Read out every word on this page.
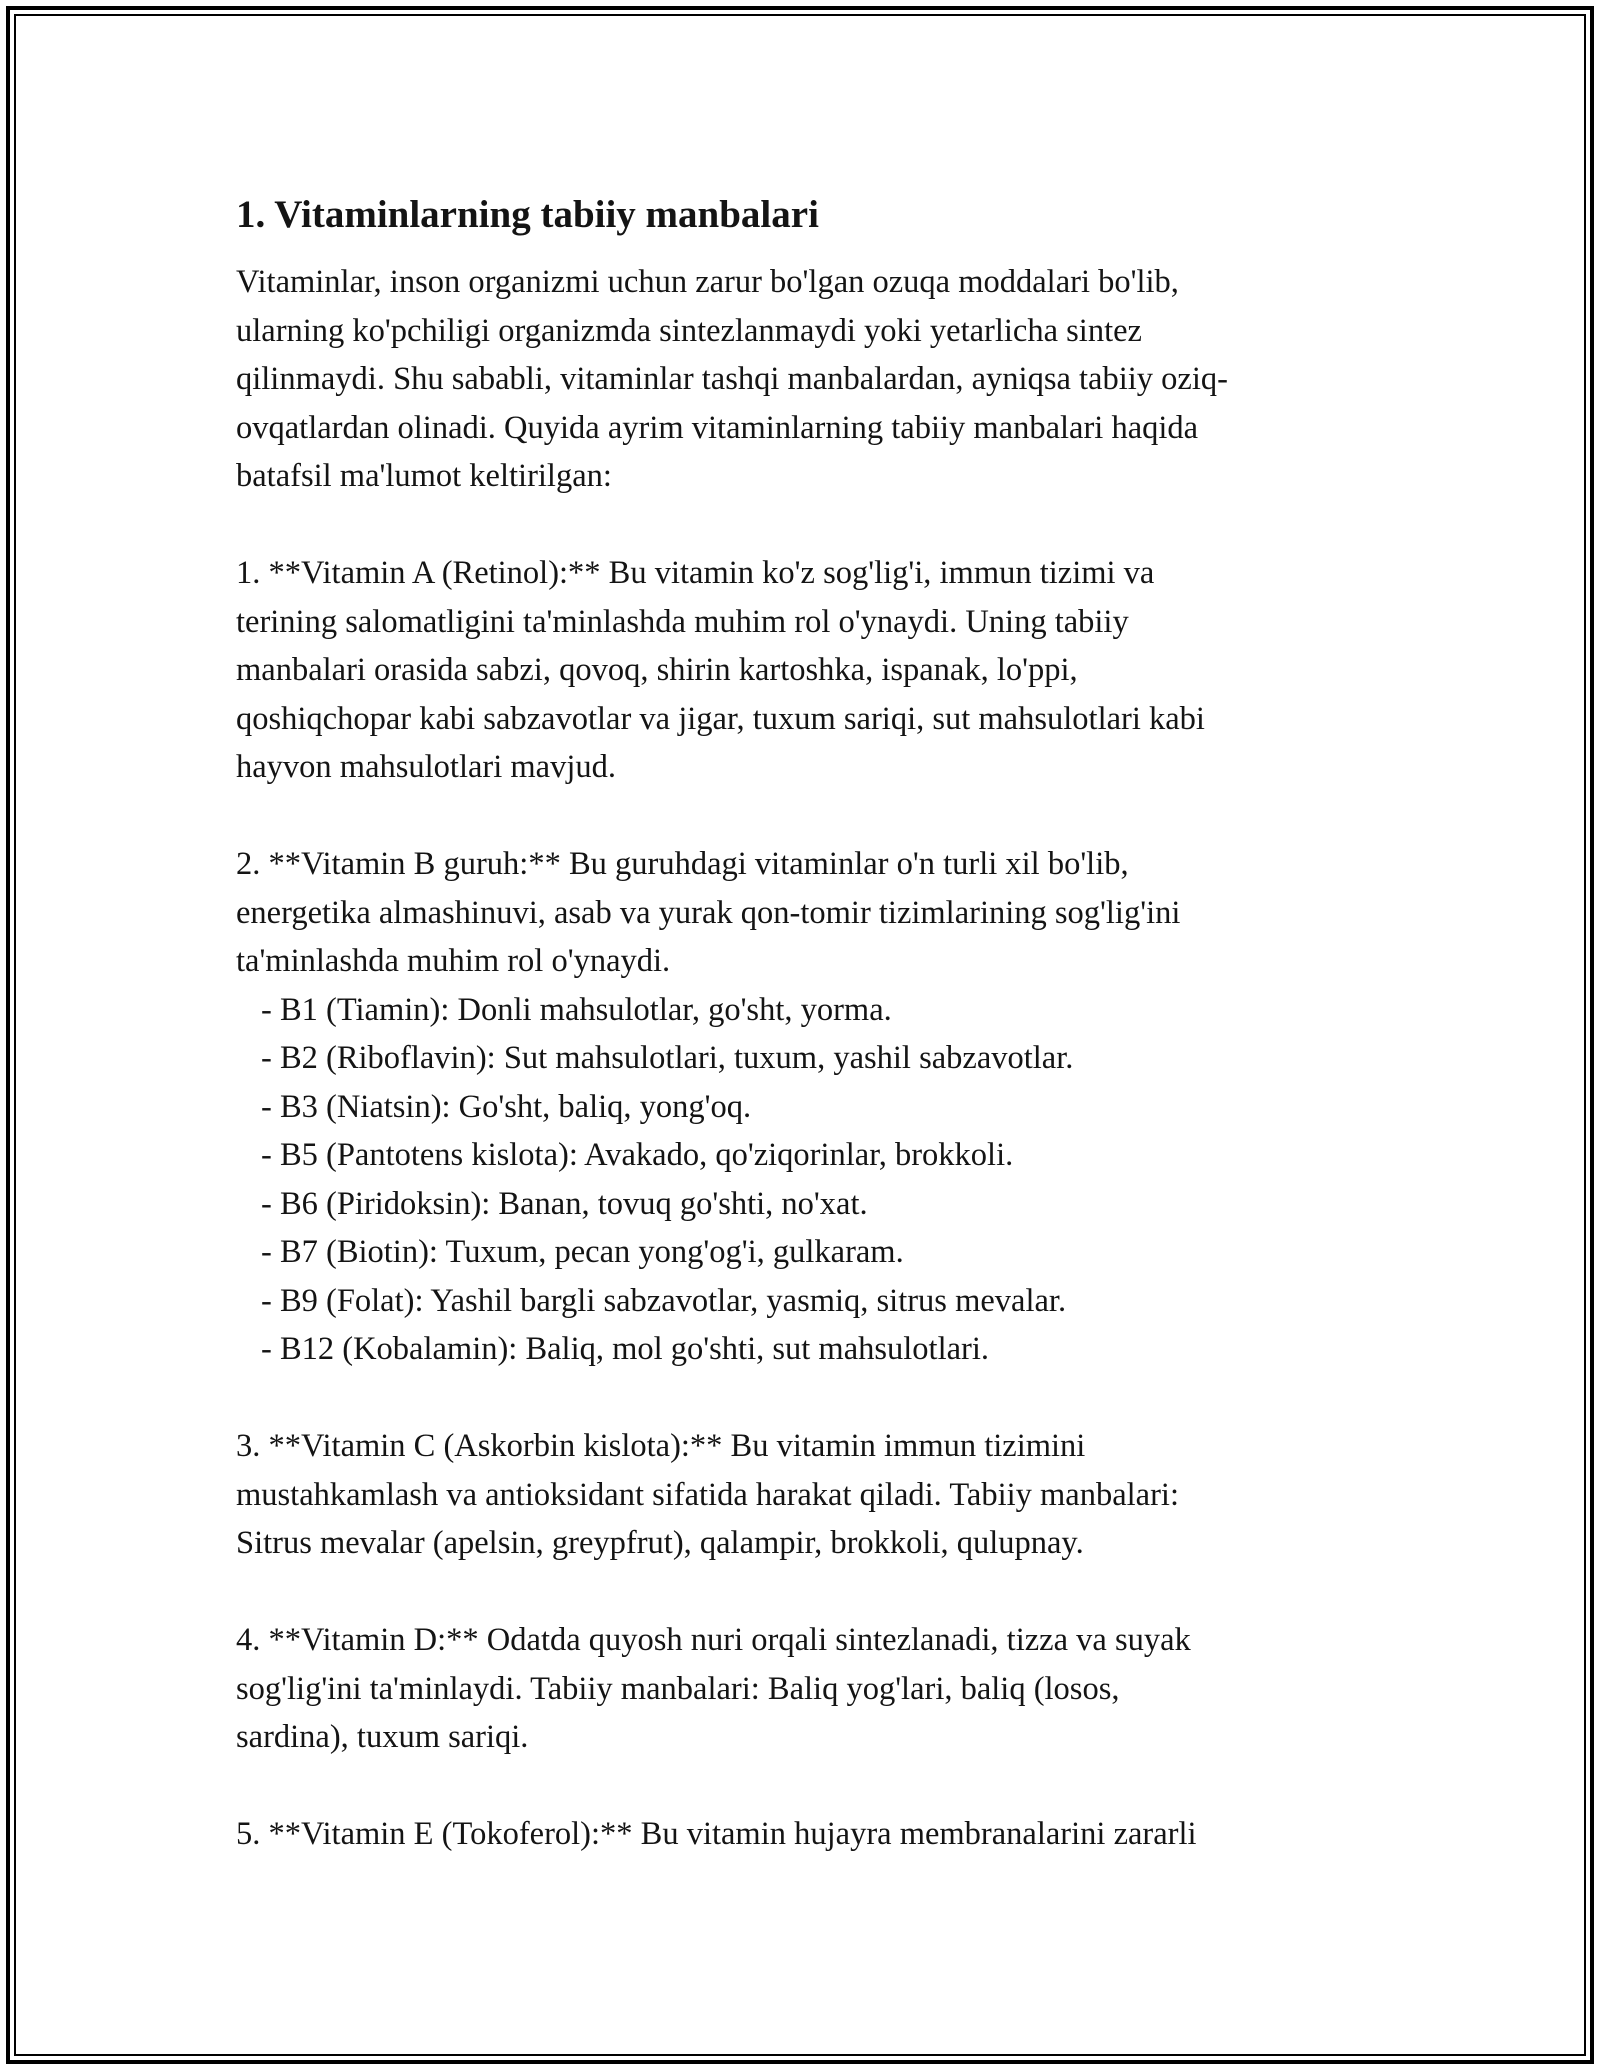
1. Vitaminlarning tabiiy manbalari
Vitaminlar, inson organizmi uchun zarur bo'lgan ozuqa moddalari bo'lib,
ularning ko'pchiligi organizmda sintezlanmaydi yoki yetarlicha sintez
qilinmaydi. Shu sababli, vitaminlar tashqi manbalardan, ayniqsa tabiiy oziq-
ovqatlardan olinadi. Quyida ayrim vitaminlarning tabiiy manbalari haqida
batafsil ma'lumot keltirilgan:
1. **Vitamin A (Retinol):** Bu vitamin ko'z sog'lig'i, immun tizimi va
terining salomatligini ta'minlashda muhim rol o'ynaydi. Uning tabiiy
manbalari orasida sabzi, qovoq, shirin kartoshka, ispanak, lo'ppi,
qoshiqchopar kabi sabzavotlar va jigar, tuxum sariqi, sut mahsulotlari kabi
hayvon mahsulotlari mavjud.
2. **Vitamin B guruh:** Bu guruhdagi vitaminlar o'n turli xil bo'lib,
energetika almashinuvi, asab va yurak qon-tomir tizimlarining sog'lig'ini
ta'minlashda muhim rol o'ynaydi.
- B1 (Tiamin): Donli mahsulotlar, go'sht, yorma.
- B2 (Riboflavin): Sut mahsulotlari, tuxum, yashil sabzavotlar.
- B3 (Niatsin): Go'sht, baliq, yong'oq.
- B5 (Pantotens kislota): Avakado, qo'ziqorinlar, brokkoli.
- B6 (Piridoksin): Banan, tovuq go'shti, no'xat.
- B7 (Biotin): Tuxum, pecan yong'og'i, gulkaram.
- B9 (Folat): Yashil bargli sabzavotlar, yasmiq, sitrus mevalar.
- B12 (Kobalamin): Baliq, mol go'shti, sut mahsulotlari.
3. **Vitamin C (Askorbin kislota):** Bu vitamin immun tizimini
mustahkamlash va antioksidant sifatida harakat qiladi. Tabiiy manbalari:
Sitrus mevalar (apelsin, greypfrut), qalampir, brokkoli, qulupnay.
4. **Vitamin D:** Odatda quyosh nuri orqali sintezlanadi, tizza va suyak
sog'lig'ini ta'minlaydi. Tabiiy manbalari: Baliq yog'lari, baliq (losos,
sardina), tuxum sariqi.
5. **Vitamin E (Tokoferol):** Bu vitamin hujayra membranalarini zararli
